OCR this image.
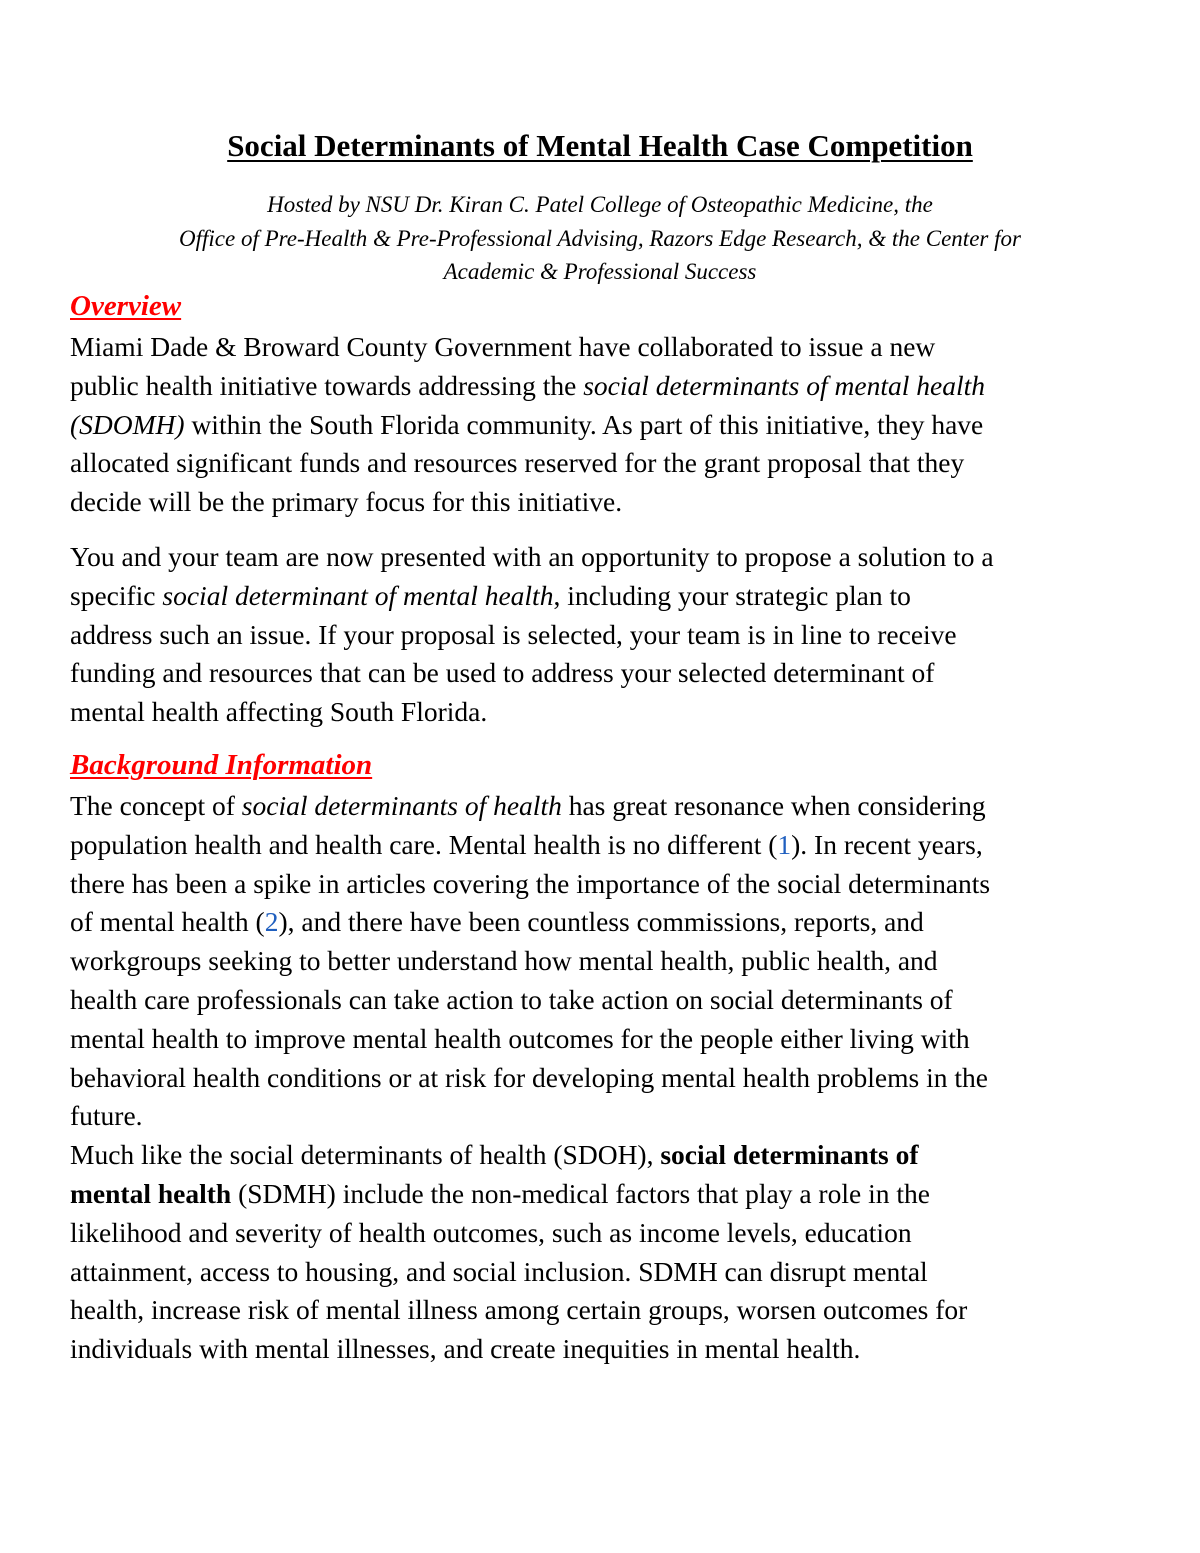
Social Determinants of Mental Health Case Competition
Hosted by NSU Dr. Kiran C. Patel College of Osteopathic Medicine, the
Office of Pre-Health & Pre-Professional Advising, Razors Edge Research, & the Center for
Academic & Professional Success
Overview
Miami Dade & Broward County Government have collaborated to issue a new
public health initiative towards addressing the social determinants of mental health
(SDOMH) within the South Florida community. As part of this initiative, they have
allocated significant funds and resources reserved for the grant proposal that they
decide will be the primary focus for this initiative.
You and your team are now presented with an opportunity to propose a solution to a
specific social determinant of mental health, including your strategic plan to
address such an issue. If your proposal is selected, your team is in line to receive
funding and resources that can be used to address your selected determinant of
mental health affecting South Florida.
Background Information
The concept of social determinants of health has great resonance when considering
population health and health care. Mental health is no different (1). In recent years,
there has been a spike in articles covering the importance of the social determinants
of mental health (2), and there have been countless commissions, reports, and
workgroups seeking to better understand how mental health, public health, and
health care professionals can take action to take action on social determinants of
mental health to improve mental health outcomes for the people either living with
behavioral health conditions or at risk for developing mental health problems in the
future.
Much like the social determinants of health (SDOH), social determinants of
mental health (SDMH) include the non-medical factors that play a role in the
likelihood and severity of health outcomes, such as income levels, education
attainment, access to housing, and social inclusion. SDMH can disrupt mental
health, increase risk of mental illness among certain groups, worsen outcomes for
individuals with mental illnesses, and create inequities in mental health.
